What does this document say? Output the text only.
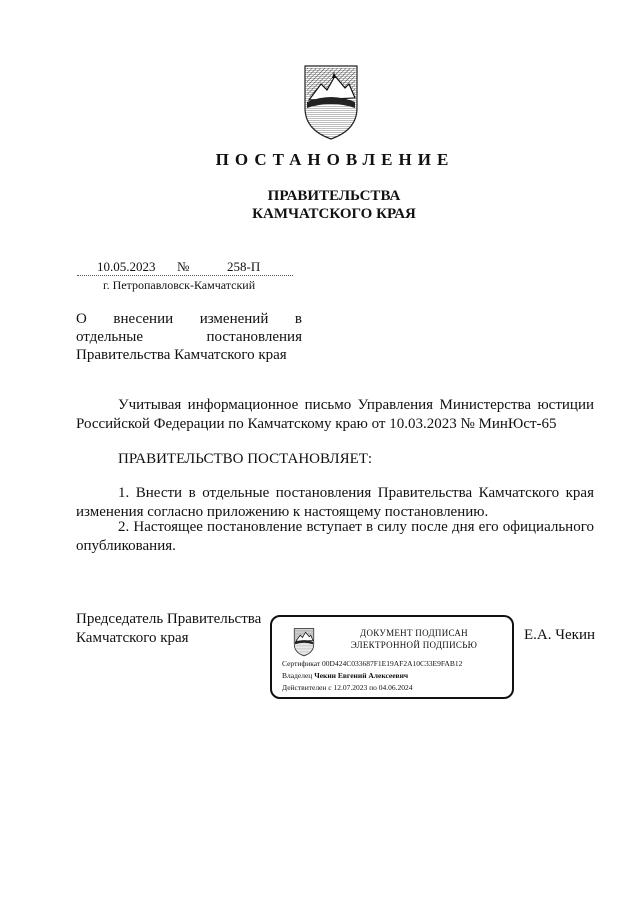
ПОСТАНОВЛЕНИЕ
ПРАВИТЕЛЬСТВА
КАМЧАТСКОГО КРАЯ
10.05.2023 №	258-П
г. Петропавловск-Камчатский
О внесении изменений в
отдельные постановления
Правительства Камчатского края
Учитывая информационное письмо Управления Министерства юстиции Российской Федерации по Камчатскому краю от 10.03.2023 № МинЮст-65
ПРАВИТЕЛЬСТВО ПОСТАНОВЛЯЕТ:
1. Внести в отдельные постановления Правительства Камчатского края изменения согласно приложению к настоящему постановлению.
2. Настоящее постановление вступает в силу после дня его официального опубликования.
Председатель Правительства
Камчатского края	ДОКУМЕНТ ПОДПИСАН
ЭЛЕКТРОННОЙ ПОДПИСЬЮ
Сертификат 00D424C033687F1E19AF2A10C33E9FAB12
Владелец Чекин Евгений Алексеевич
Действителен с 12.07.2023 по 04.06.2024
Е.А. Чекин
